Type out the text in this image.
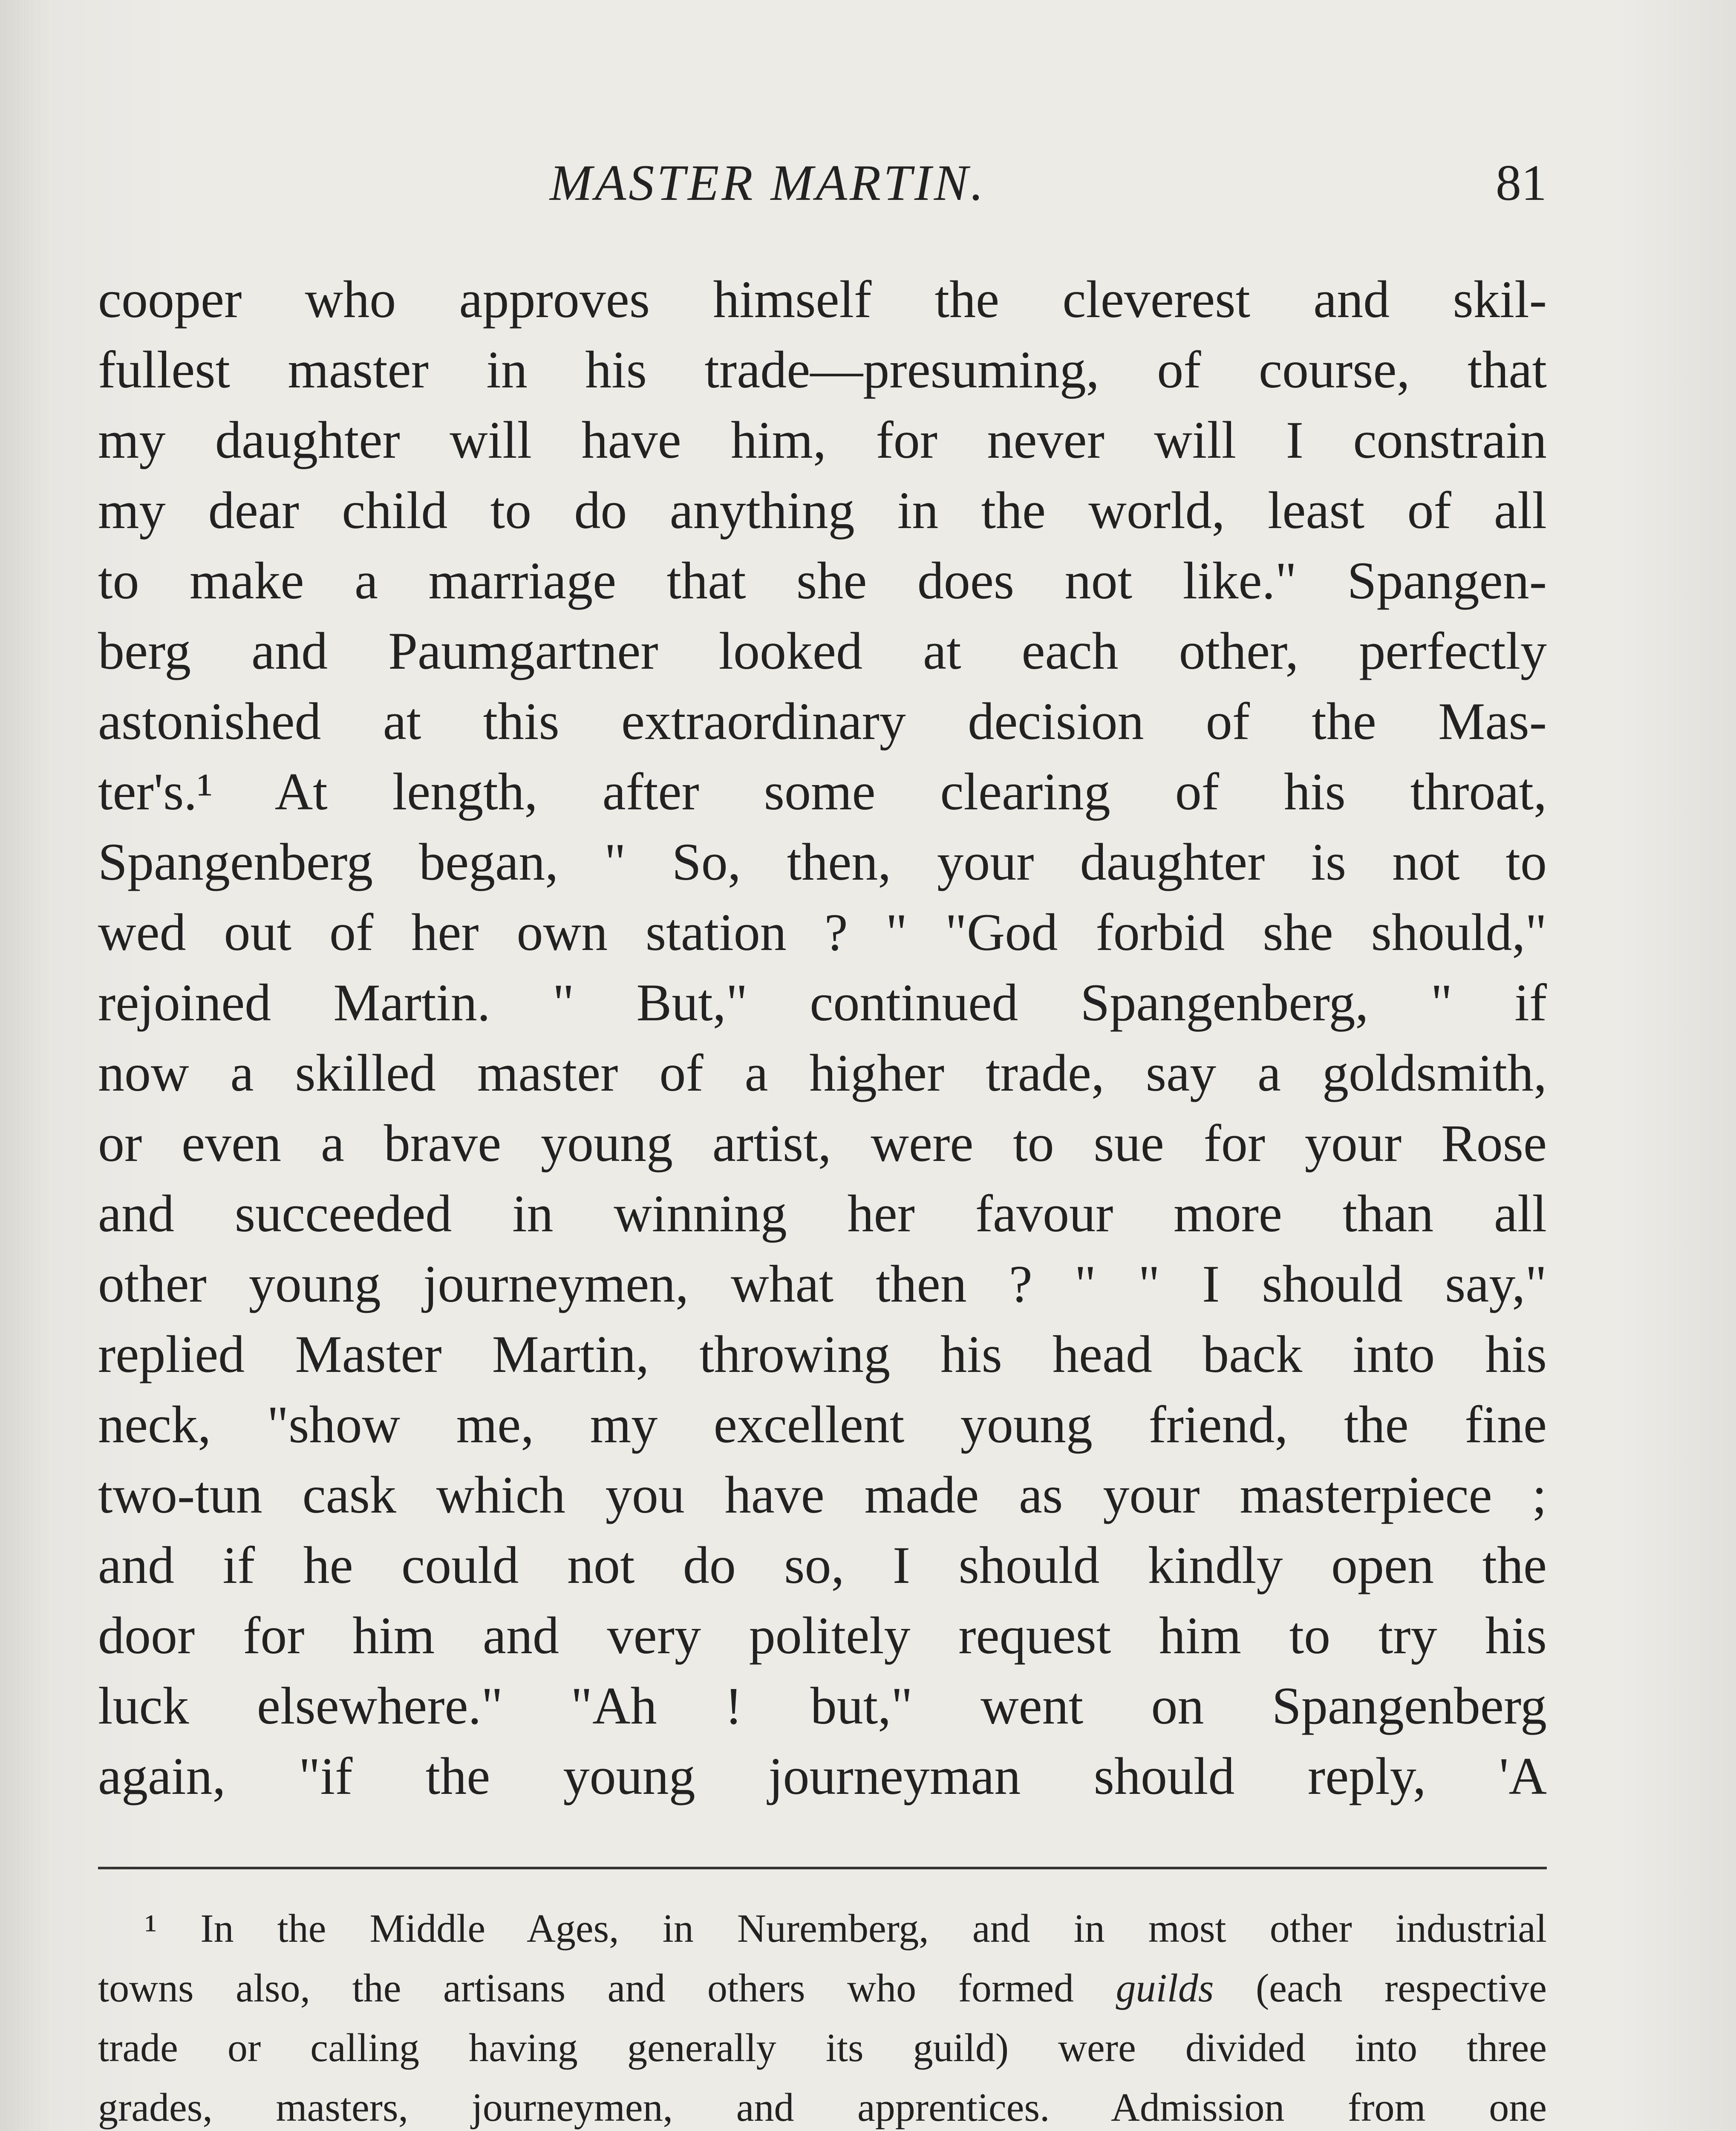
MASTER MARTIN.	81
cooper who approves himself the cleverest and skil-
fullest master in his trade—presuming, of course, that
my daughter will have him, for never will I constrain
my dear child to do anything in the world, least of all
to make a marriage that she does not like." Spangen-
berg and Paumgartner looked at each other, perfectly
astonished at this extraordinary decision of the Mas-
ter's.¹ At length, after some clearing of his throat,
Spangenberg began, " So, then, your daughter is not to
wed out of her own station ? " "God forbid she should,"
rejoined Martin. " But," continued Spangenberg, " if
now a skilled master of a higher trade, say a goldsmith,
or even a brave young artist, were to sue for your Rose
and succeeded in winning her favour more than all
other young journeymen, what then ? " " I should say,"
replied Master Martin, throwing his head back into his
neck, "show me, my excellent young friend, the fine
two-tun cask which you have made as your masterpiece ;
and if he could not do so, I should kindly open the
door for him and very politely request him to try his
luck elsewhere." "Ah ! but," went on Spangenberg
again, "if the young journeyman should reply, 'A
¹ In the Middle Ages, in Nuremberg, and in most other industrial
towns also, the artisans and others who formed guilds (each respective
trade or calling having generally its guild) were divided into three
grades, masters, journeymen, and apprentices. Admission from one
